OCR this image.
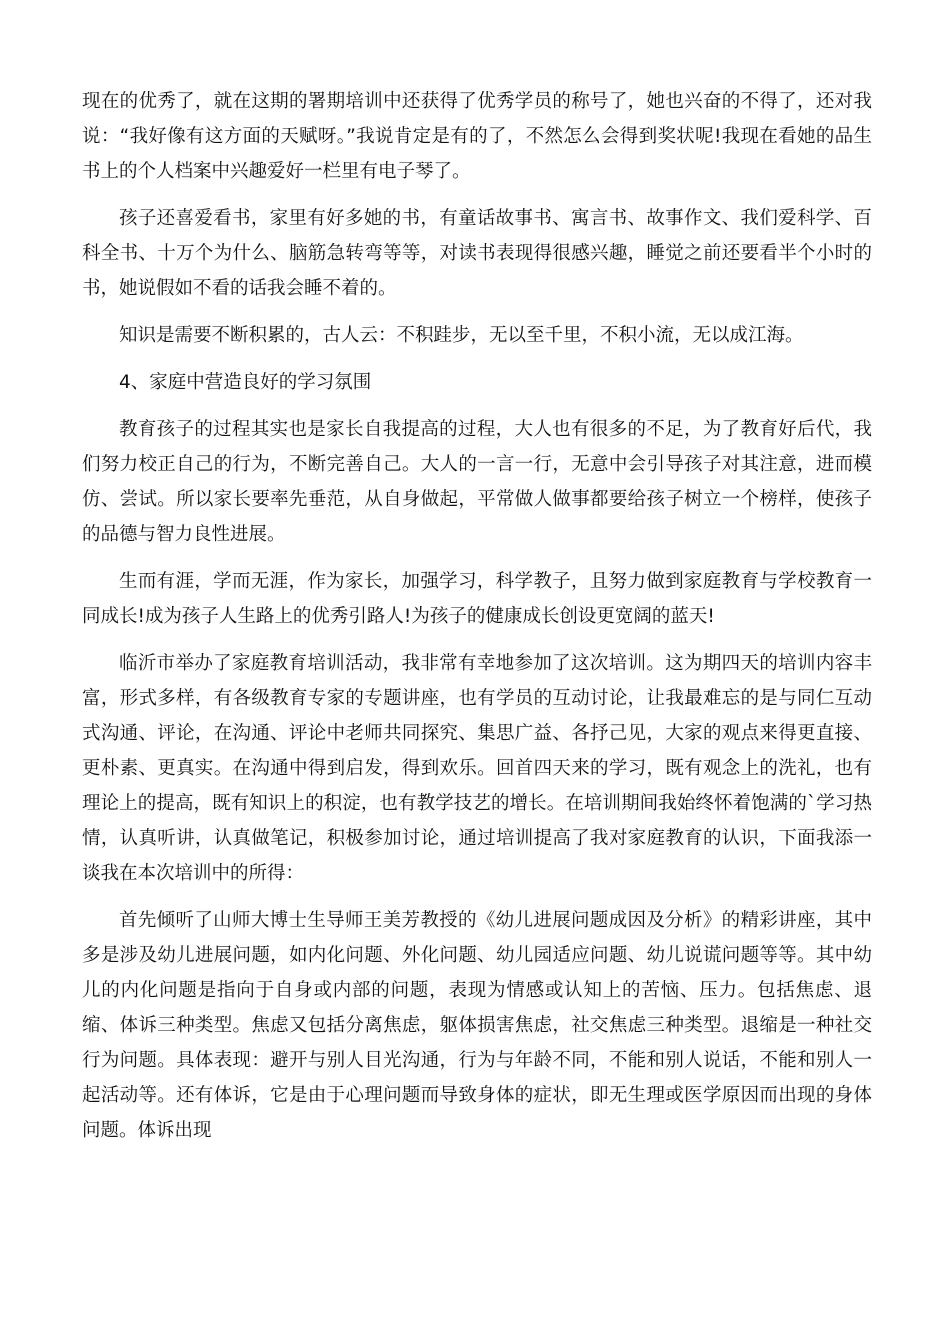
现在的优秀了，就在这期的署期培训中还获得了优秀学员的称号了，她也兴奋的不得了，还对我说：“我好像有这方面的天赋呀。”我说肯定是有的了，不然怎么会得到奖状呢!我现在看她的品生书上的个人档案中兴趣爱好一栏里有电子琴了。

孩子还喜爱看书，家里有好多她的书，有童话故事书、寓言书、故事作文、我们爱科学、百科全书、十万个为什么、脑筋急转弯等等，对读书表现得很感兴趣，睡觉之前还要看半个小时的书，她说假如不看的话我会睡不着的。

知识是需要不断积累的，古人云：不积跬步，无以至千里，不积小流，无以成江海。

4、家庭中营造良好的学习氛围

教育孩子的过程其实也是家长自我提高的过程，大人也有很多的不足，为了教育好后代，我们努力校正自己的行为，不断完善自己。大人的一言一行，无意中会引导孩子对其注意，进而模仿、尝试。所以家长要率先垂范，从自身做起，平常做人做事都要给孩子树立一个榜样，使孩子的品德与智力良性进展。

生而有涯，学而无涯，作为家长，加强学习，科学教子，且努力做到家庭教育与学校教育一同成长!成为孩子人生路上的优秀引路人!为孩子的健康成长创设更宽阔的蓝天!

临沂市举办了家庭教育培训活动，我非常有幸地参加了这次培训。这为期四天的培训内容丰富，形式多样，有各级教育专家的专题讲座，也有学员的互动讨论，让我最难忘的是与同仁互动式沟通、评论，在沟通、评论中老师共同探究、集思广益、各抒己见，大家的观点来得更直接、更朴素、更真实。在沟通中得到启发，得到欢乐。回首四天来的学习，既有观念上的洗礼，也有理论上的提高，既有知识上的积淀，也有教学技艺的增长。在培训期间我始终怀着饱满的`学习热情，认真听讲，认真做笔记，积极参加讨论，通过培训提高了我对家庭教育的认识，下面我添一谈我在本次培训中的所得：

首先倾听了山师大博士生导师王美芳教授的《幼儿进展问题成因及分析》的精彩讲座，其中多是涉及幼儿进展问题，如内化问题、外化问题、幼儿园适应问题、幼儿说谎问题等等。其中幼儿的内化问题是指向于自身或内部的问题，表现为情感或认知上的苦恼、压力。包括焦虑、退缩、体诉三种类型。焦虑又包括分离焦虑，躯体损害焦虑，社交焦虑三种类型。退缩是一种社交行为问题。具体表现：避开与别人目光沟通，行为与年龄不同，不能和别人说话，不能和别人一起活动等。还有体诉，它是由于心理问题而导致身体的症状，即无生理或医学原因而出现的身体问题。体诉出现
